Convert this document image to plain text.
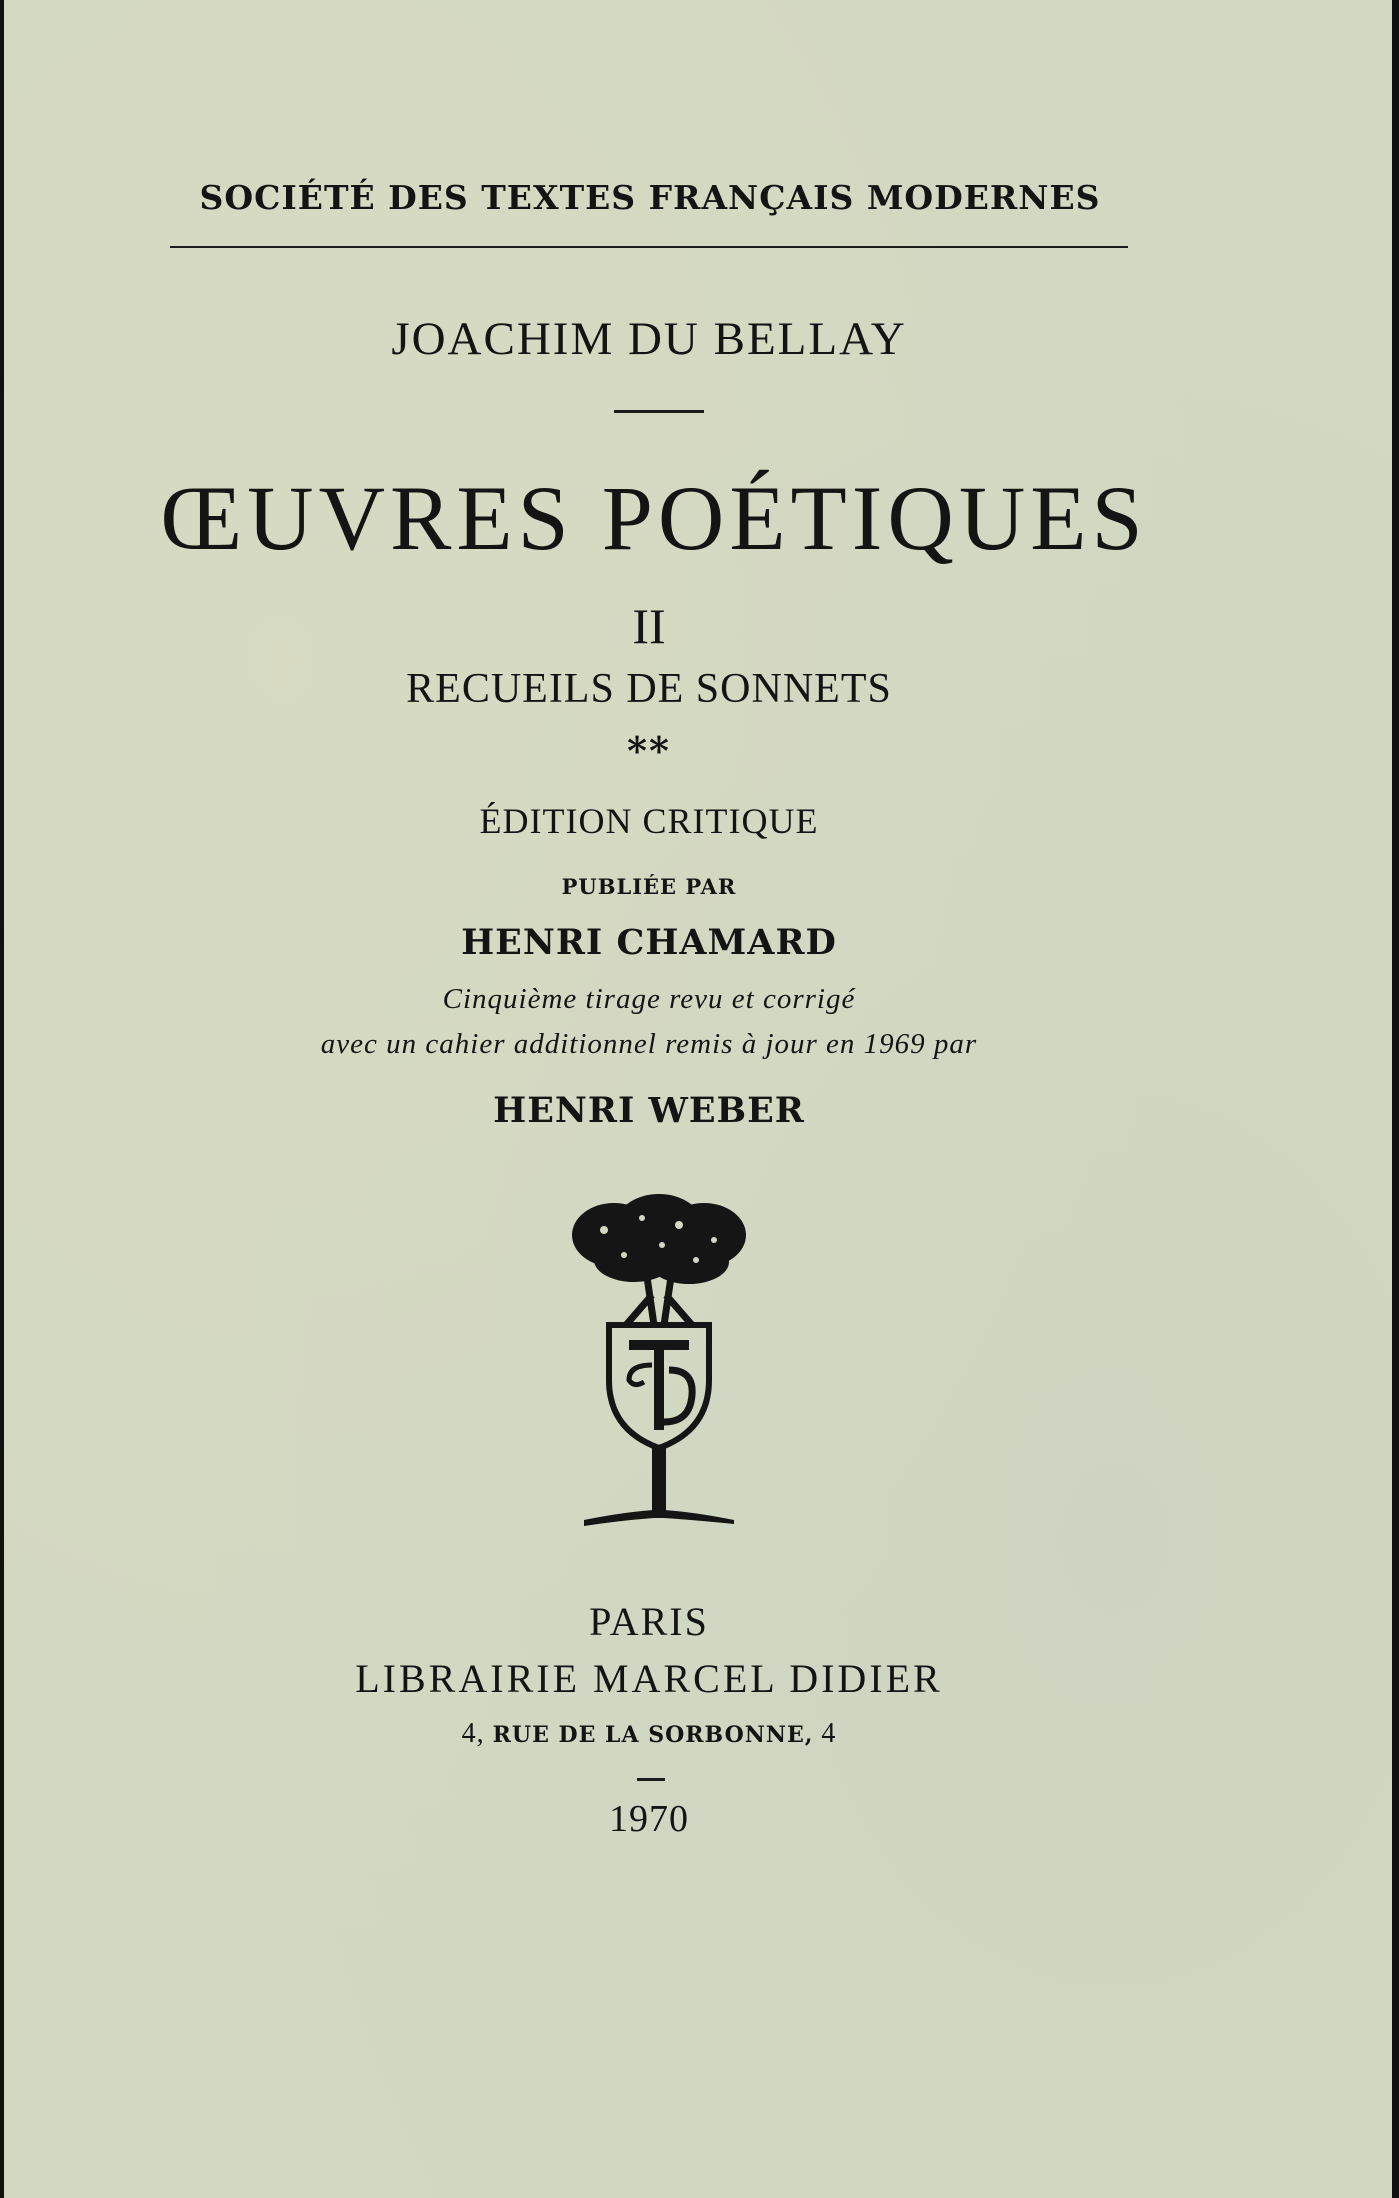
SOCIÉTÉ DES TEXTES FRANÇAIS MODERNES
JOACHIM DU BELLAY
ŒUVRES POÉTIQUES
II
RECUEILS DE SONNETS
**
ÉDITION CRITIQUE
PUBLIÉE PAR
HENRI CHAMARD
Cinquième tirage revu et corrigé
avec un cahier additionnel remis à jour en 1969 par
HENRI WEBER
PARIS
LIBRAIRIE MARCEL DIDIER
4, RUE DE LA SORBONNE, 4
1970
